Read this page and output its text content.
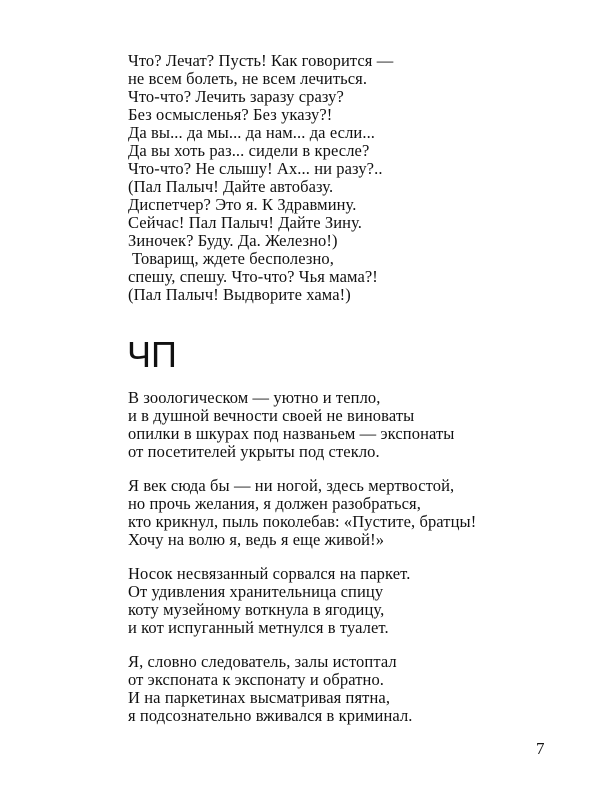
Что? Лечат? Пусть! Как говорится —
не всем болеть, не всем лечиться.
Что-что? Лечить заразу сразу?
Без осмысленья? Без указу?!
Да вы... да мы... да нам... да если...
Да вы хоть раз... сидели в кресле?
Что-что? Не слышу! Ах... ни разу?..
(Пал Палыч! Дайте автобазу.
Диспетчер? Это я. К Здравмину.
Сейчас! Пал Палыч! Дайте Зину.
Зиночек? Буду. Да. Железно!)
Товарищ, ждете бесполезно,
спешу, спешу. Что-что? Чья мама?!
(Пал Палыч! Выдворите хама!)
ЧП
В зоологическом — уютно и тепло,
и в душной вечности своей не виноваты
опилки в шкурах под названьем — экспонаты
от посетителей укрыты под стекло.
Я век сюда бы — ни ногой, здесь мертвостой,
но прочь желания, я должен разобраться,
кто крикнул, пыль поколебав: «Пустите, братцы!
Хочу на волю я, ведь я еще живой!»
Носок несвязанный сорвался на паркет.
От удивления хранительница спицу
коту музейному воткнула в ягодицу,
и кот испуганный метнулся в туалет.
Я, словно следователь, залы истоптал
от экспоната к экспонату и обратно.
И на паркетинах высматривая пятна,
я подсознательно вживался в криминал.
7
